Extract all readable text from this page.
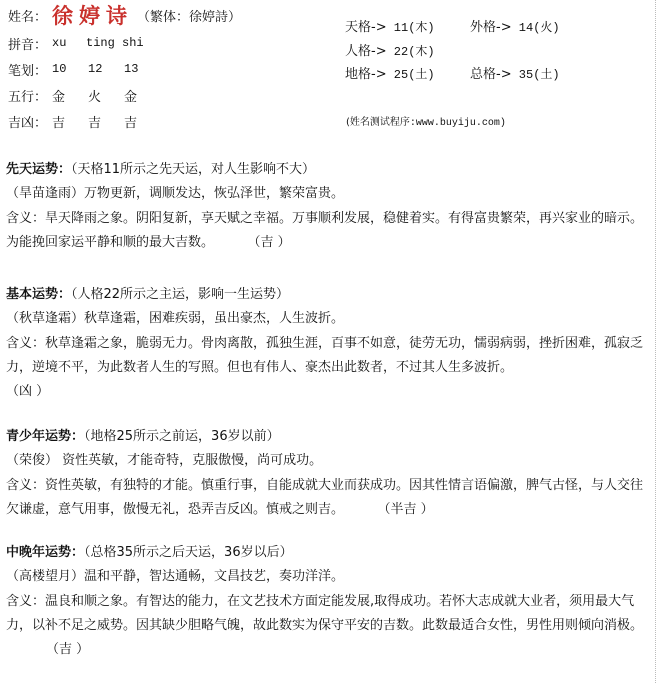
姓名： 徐婷诗 （繁体：徐婷詩）
拼音： xu	ting shi
笔划： 10	12	13
五行： 金	火	金
吉凶： 吉	吉	吉
天格-> 11(木)	外格-> 14(火)
人格-> 22(木)
地格-> 25(土)	总格-> 35(土)
(姓名测试程序:www.buyiju.com)
先天运势：（天格11所示之先天运，对人生影响不大）
（旱苗逢雨）万物更新，调顺发达，恢弘泽世，繁荣富贵。
含义：旱天降雨之象。阴阳复新，享天赋之幸福。万事顺利发展，稳健着实。有得富贵繁荣，再兴家业的暗示。为能挽回家运平静和顺的最大吉数。	（吉 ）
基本运势：（人格22所示之主运，影响一生运势）
（秋草逢霜）秋草逢霜，困难疾弱，虽出豪杰，人生波折。
含义：秋草逢霜之象，脆弱无力。骨肉离散，孤独生涯，百事不如意，徒劳无功，懦弱病弱，挫折困难，孤寂乏力，逆境不平，为此数者人生的写照。但也有伟人、豪杰出此数者，不过其人生多波折。
（凶 ）
青少年运势：（地格25所示之前运，36岁以前）
（荣俊） 资性英敏，才能奇特，克服傲慢，尚可成功。
含义：资性英敏，有独特的才能。慎重行事，自能成就大业而获成功。因其性情言语偏激，脾气古怪，与人交往欠谦虚，意气用事，傲慢无礼，恐弄吉反凶。慎戒之则吉。	（半吉 ）
中晚年运势：（总格35所示之后天运，36岁以后）
（高楼望月）温和平静，智达通畅，文昌技艺，奏功洋洋。
含义：温良和顺之象。有智达的能力，在文艺技术方面定能发展,取得成功。若怀大志成就大业者，须用最大气力，以补不足之威势。因其缺少胆略气魄，故此数实为保守平安的吉数。此数最适合女性，男性用则倾向消极。（吉 ）
